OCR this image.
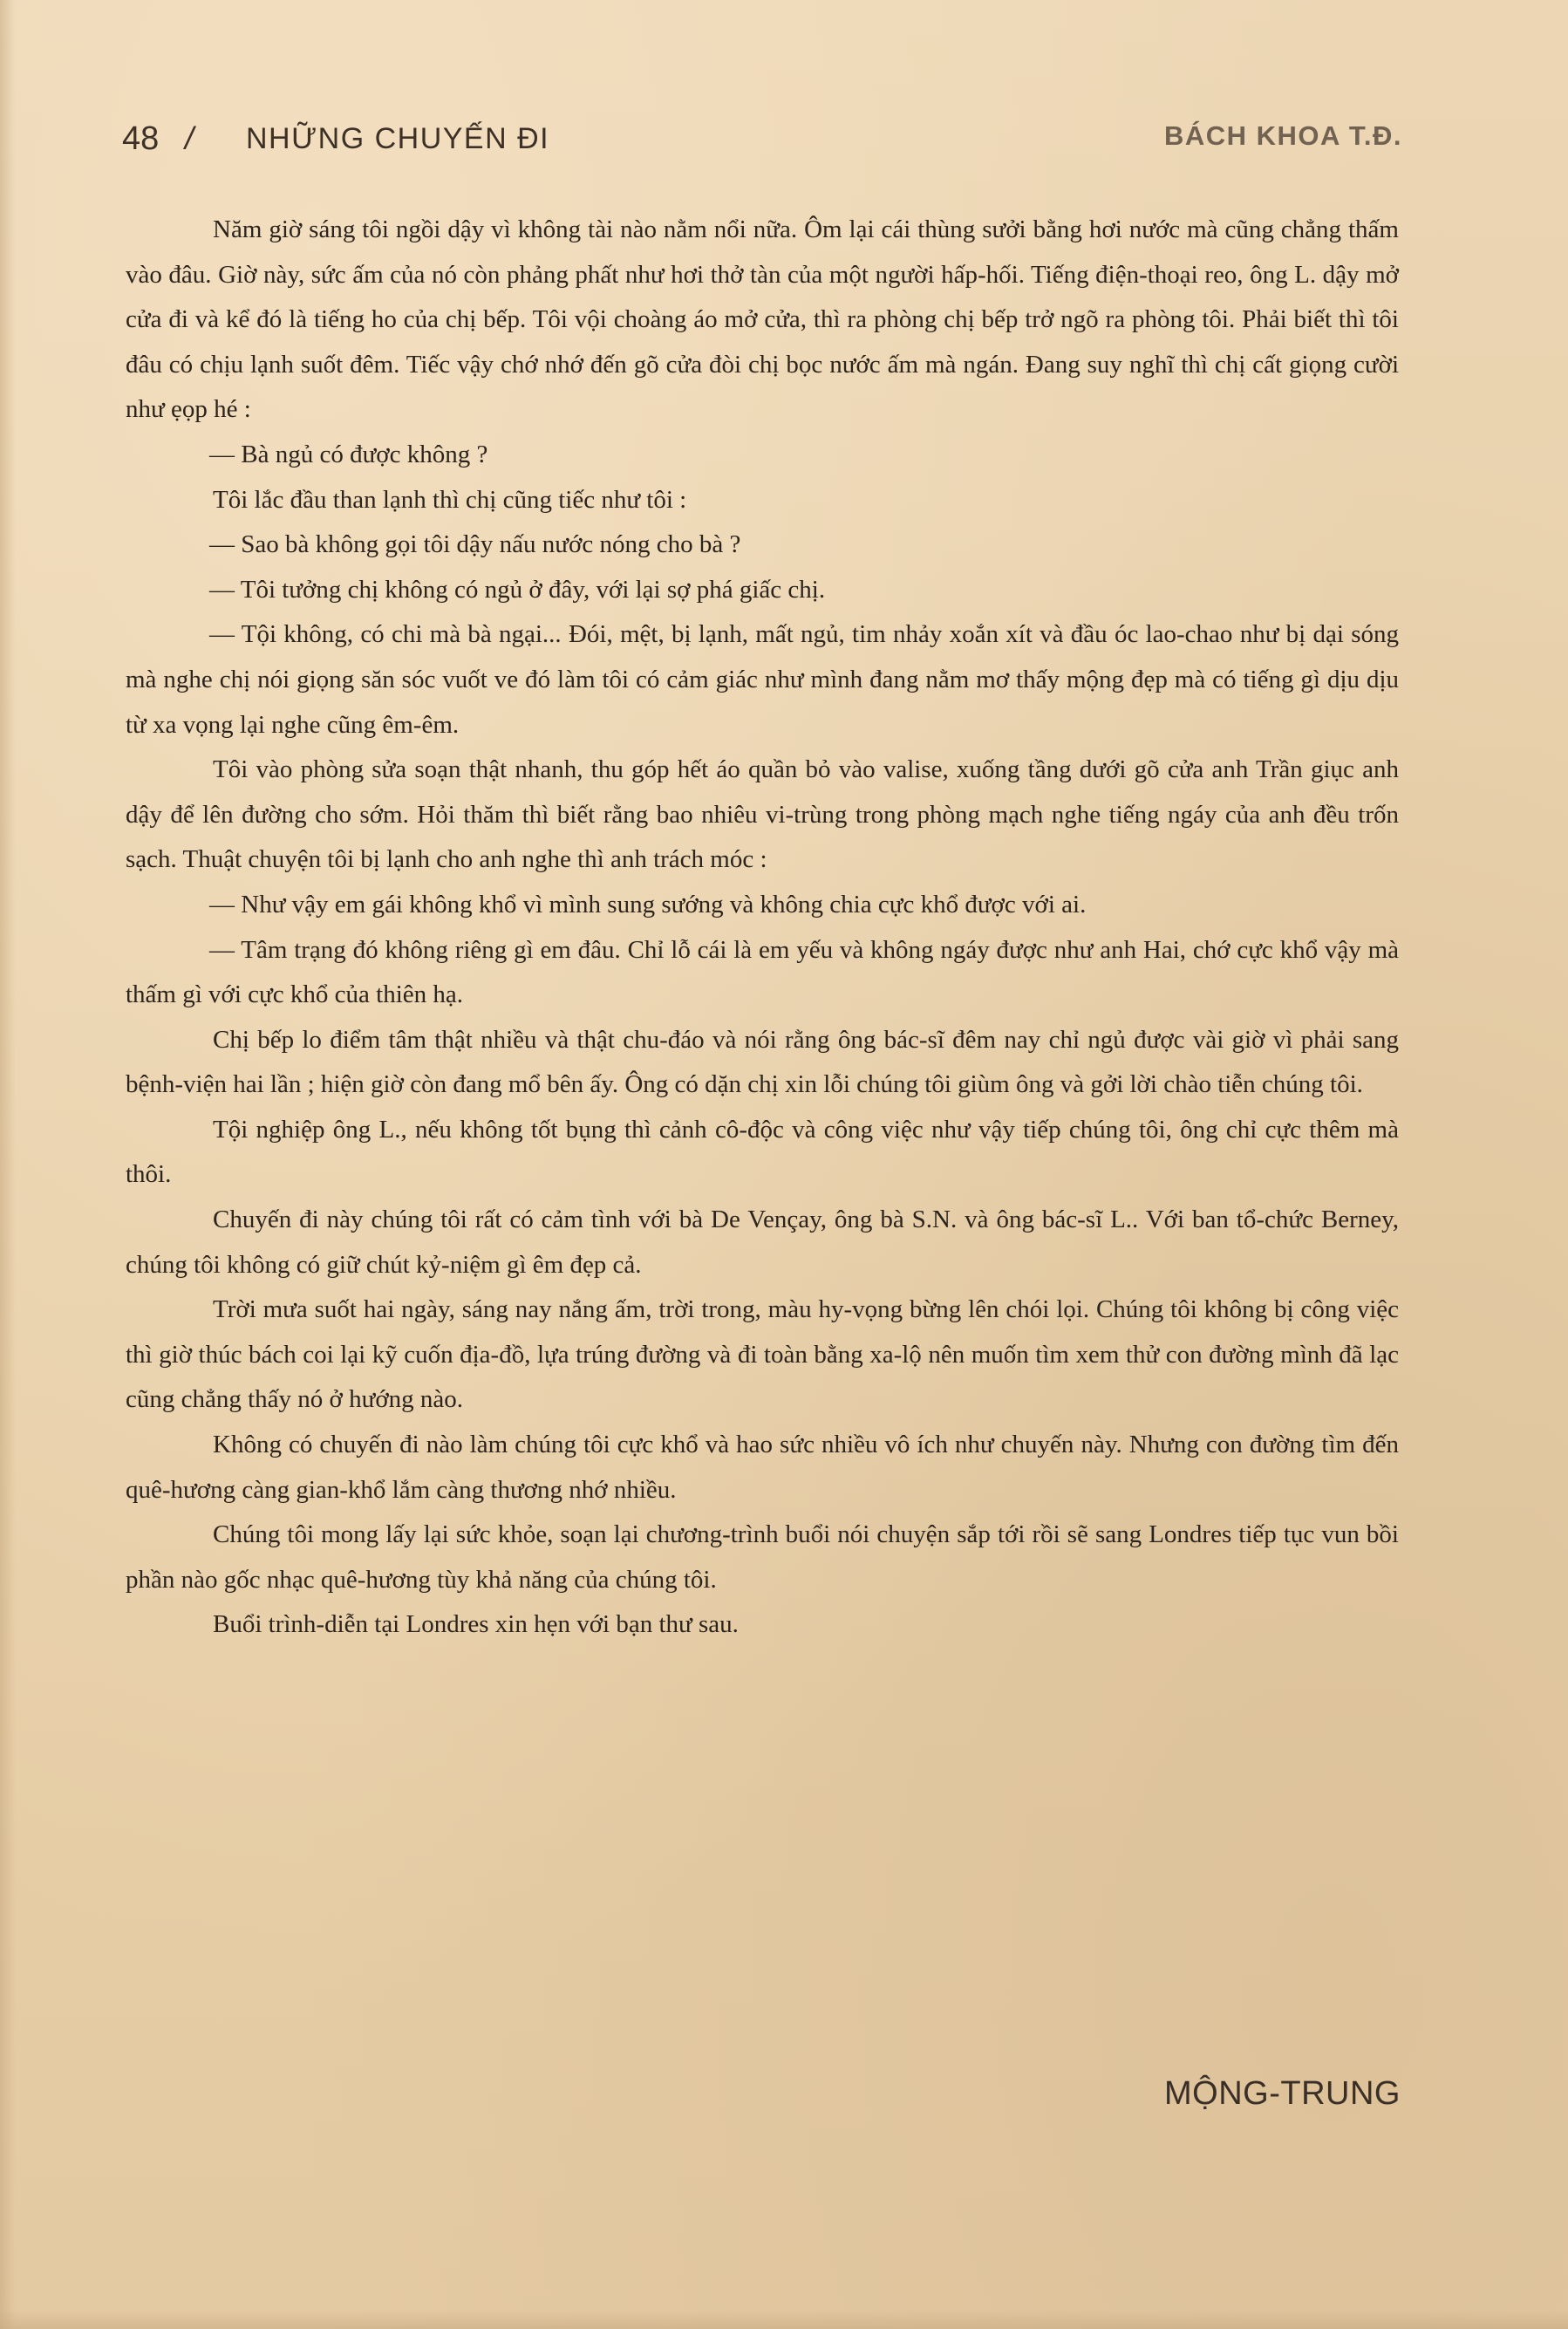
48 / NHỮNG CHUYẾN ĐI	BÁCH KHOA T.Đ.

Năm giờ sáng tôi ngồi dậy vì không tài nào nằm nổi nữa. Ôm lại cái thùng sưởi bằng hơi nước mà cũng chẳng thấm vào đâu. Giờ này, sức ấm của nó còn phảng phất như hơi thở tàn của một người hấp-hối. Tiếng điện-thoại reo, ông L. dậy mở cửa đi và kể đó là tiếng ho của chị bếp. Tôi vội choàng áo mở cửa, thì ra phòng chị bếp trở ngõ ra phòng tôi. Phải biết thì tôi đâu có chịu lạnh suốt đêm. Tiếc vậy chớ nhớ đến gõ cửa đòi chị bọc nước ấm mà ngán. Đang suy nghĩ thì chị cất giọng cười như ẹọp hé :

— Bà ngủ có được không ?

Tôi lắc đầu than lạnh thì chị cũng tiếc như tôi :

— Sao bà không gọi tôi dậy nấu nước nóng cho bà ?

— Tôi tưởng chị không có ngủ ở đây, với lại sợ phá giấc chị.

— Tội không, có chi mà bà ngại... Đói, mệt, bị lạnh, mất ngủ, tim nhảy xoắn xít và đầu óc lao-chao như bị dại sóng mà nghe chị nói giọng săn sóc vuốt ve đó làm tôi có cảm giác như mình đang nằm mơ thấy mộng đẹp mà có tiếng gì dịu dịu từ xa vọng lại nghe cũng êm-êm.

Tôi vào phòng sửa soạn thật nhanh, thu góp hết áo quần bỏ vào valise, xuống tầng dưới gõ cửa anh Trần giục anh dậy để lên đường cho sớm. Hỏi thăm thì biết rằng bao nhiêu vi-trùng trong phòng mạch nghe tiếng ngáy của anh đều trốn sạch. Thuật chuyện tôi bị lạnh cho anh nghe thì anh trách móc :

— Như vậy em gái không khổ vì mình sung sướng và không chia cực khổ được với ai.

— Tâm trạng đó không riêng gì em đâu. Chỉ lỗ cái là em yếu và không ngáy được như anh Hai, chớ cực khổ vậy mà thấm gì với cực khổ của thiên hạ.

Chị bếp lo điểm tâm thật nhiều và thật chu-đáo và nói rằng ông bác-sĩ đêm nay chỉ ngủ được vài giờ vì phải sang bệnh-viện hai lần ; hiện giờ còn đang mổ bên ấy. Ông có dặn chị xin lỗi chúng tôi giùm ông và gởi lời chào tiễn chúng tôi.

Tội nghiệp ông L., nếu không tốt bụng thì cảnh cô-độc và công việc như vậy tiếp chúng tôi, ông chỉ cực thêm mà thôi.

Chuyến đi này chúng tôi rất có cảm tình với bà De Vençay, ông bà S.N. và ông bác-sĩ L.. Với ban tổ-chức Berney, chúng tôi không có giữ chút kỷ-niệm gì êm đẹp cả.

Trời mưa suốt hai ngày, sáng nay nắng ấm, trời trong, màu hy-vọng bừng lên chói lọi. Chúng tôi không bị công việc thì giờ thúc bách coi lại kỹ cuốn địa-đồ, lựa trúng đường và đi toàn bằng xa-lộ nên muốn tìm xem thử con đường mình đã lạc cũng chẳng thấy nó ở hướng nào.

Không có chuyến đi nào làm chúng tôi cực khổ và hao sức nhiều vô ích như chuyến này. Nhưng con đường tìm đến quê-hương càng gian-khổ lắm càng thương nhớ nhiều.

Chúng tôi mong lấy lại sức khỏe, soạn lại chương-trình buổi nói chuyện sắp tới rồi sẽ sang Londres tiếp tục vun bồi phần nào gốc nhạc quê-hương tùy khả năng của chúng tôi.

Buổi trình-diễn tại Londres xin hẹn với bạn thư sau.

MỘNG-TRUNG
